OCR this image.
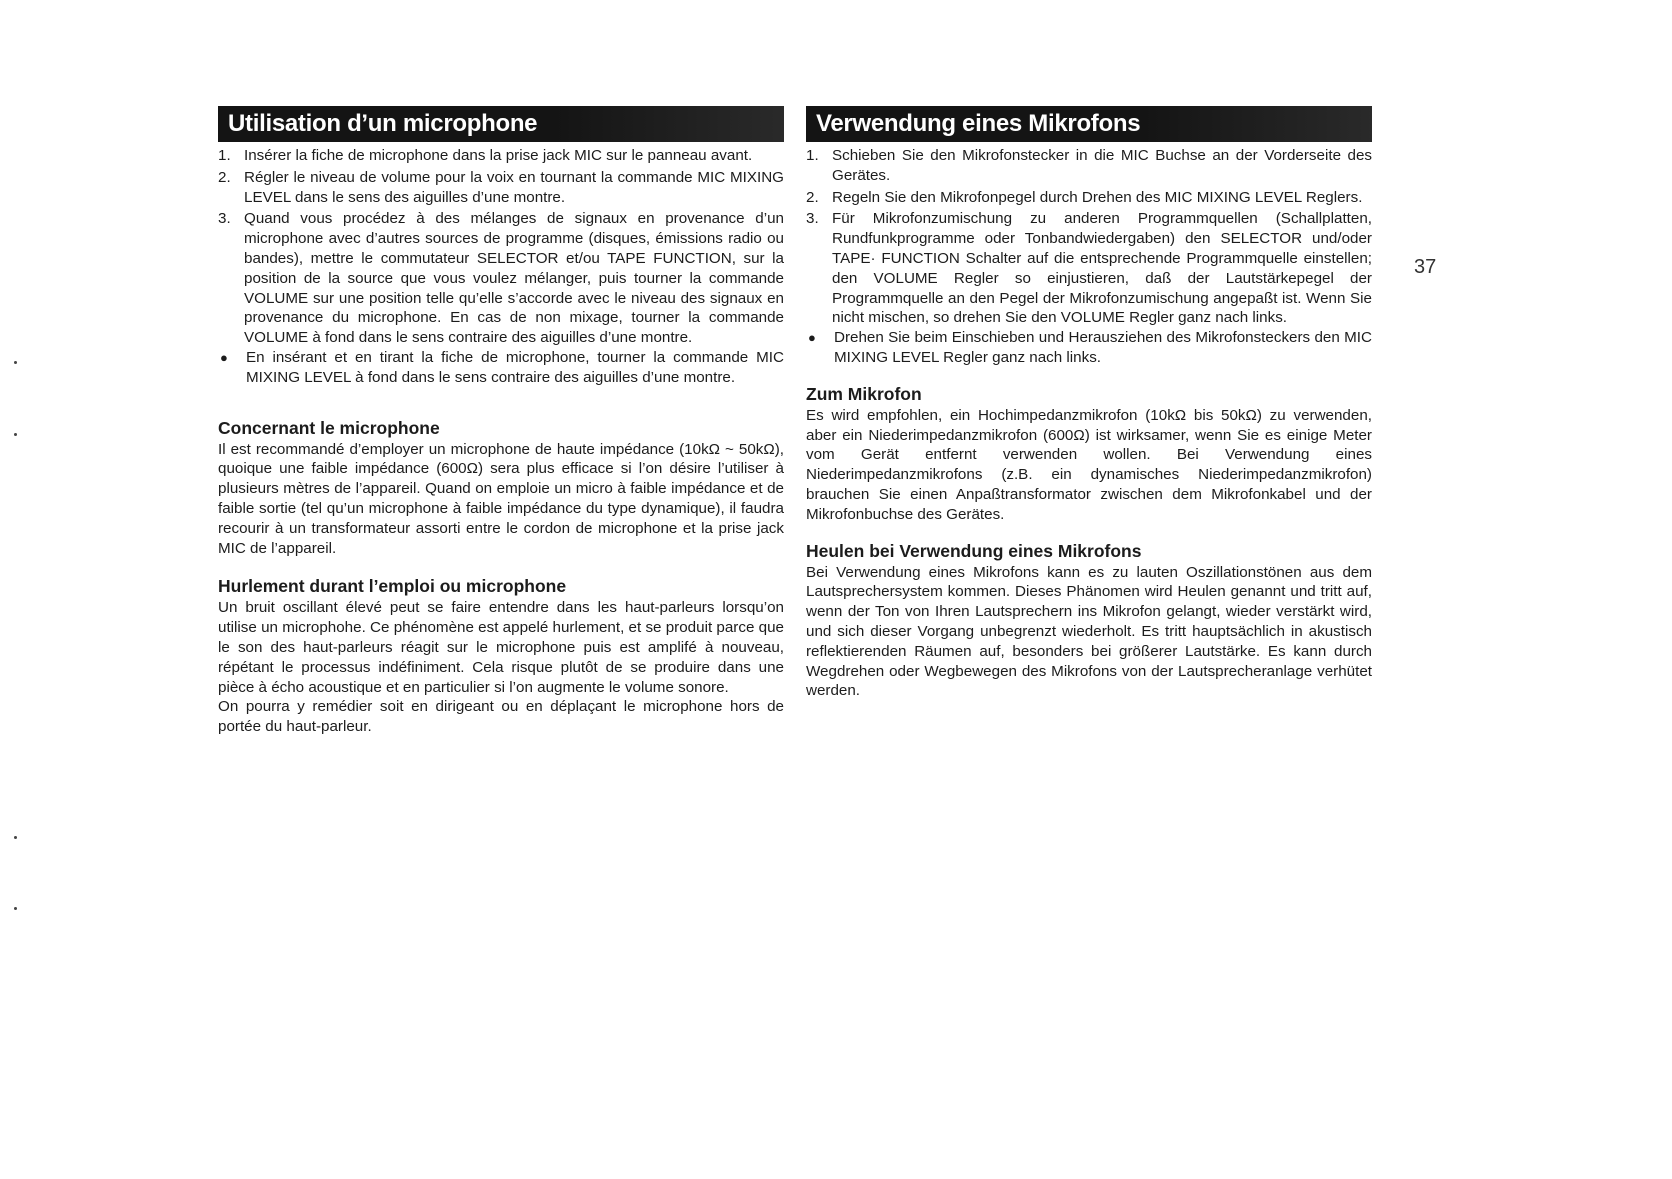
Utilisation d’un microphone
1. Insérer la fiche de microphone dans la prise jack MIC sur le panneau avant.
2. Régler le niveau de volume pour la voix en tournant la commande MIC MIXING LEVEL dans le sens des aiguilles d’une montre.
3. Quand vous procédez à des mélanges de signaux en provenance d’un microphone avec d’autres sources de programme (disques, émissions radio ou bandes), mettre le commutateur SELECTOR et/ou TAPE FUNCTION, sur la position de la source que vous voulez mélanger, puis tourner la commande VOLUME sur une position telle qu’elle s’accorde avec le niveau des signaux en provenance du microphone. En cas de non mixage, tourner la commande VOLUME à fond dans le sens contraire des aiguilles d’une montre.
●	En insérant et en tirant la fiche de microphone, tourner la commande MIC MIXING LEVEL à fond dans le sens contraire des aiguilles d’une montre.
Concernant le microphone

Il est recommandé d’employer un microphone de haute impédance (10kΩ ~ 50kΩ), quoique une faible impédance (600Ω) sera plus efficace si l’on désire l’utiliser à plusieurs mètres de l’appareil. Quand on emploie un micro à faible impédance et de faible sortie (tel qu’un microphone à faible impédance du type dynamique), il faudra recourir à un transformateur assorti entre le cordon de microphone et la prise jack MIC de l’appareil.

Hurlement durant l’emploi ou microphone

Un bruit oscillant élevé peut se faire entendre dans les haut-parleurs lorsqu’on utilise un microphohe. Ce phénomène est appelé hurlement, et se produit parce que le son des haut-parleurs réagit sur le microphone puis est amplifé à nouveau, répétant le processus indéfiniment. Cela risque plutôt de se produire dans une pièce à écho acoustique et en particulier si l’on augmente le volume sonore.

On pourra y remédier soit en dirigeant ou en déplaçant le microphone hors de portée du haut-parleur.

Verwendung eines Mikrofons
1. Schieben Sie den Mikrofonstecker in die MIC Buchse an der Vorderseite des Gerätes.
2. Regeln Sie den Mikrofonpegel durch Drehen des MIC MIXING LEVEL Reglers.
3. Für Mikrofonzumischung zu anderen Programmquellen (Schallplatten, Rundfunkprogramme oder Tonbandwiedergaben) den SELECTOR und/oder TAPE· FUNCTION Schalter auf die entsprechende Programmquelle einstellen; den VOLUME Regler so einjustieren, daß der Lautstärkepegel der Programmquelle an den Pegel der Mikrofonzumischung angepaßt ist. Wenn Sie nicht mischen, so drehen Sie den VOLUME Regler ganz nach links.
●	Drehen Sie beim Einschieben und Herausziehen des Mikrofonsteckers den MIC MIXING LEVEL Regler ganz nach links.
Zum Mikrofon

Es wird empfohlen, ein Hochimpedanzmikrofon (10kΩ bis 50kΩ) zu verwenden, aber ein Niederimpedanzmikrofon (600Ω) ist wirksamer, wenn Sie es einige Meter vom Gerät entfernt verwenden wollen. Bei Verwendung eines Niederimpedanzmikrofons (z.B. ein dynamisches Niederimpedanzmikrofon) brauchen Sie einen Anpaßtransformator zwischen dem Mikrofonkabel und der Mikrofonbuchse des Gerätes.

Heulen bei Verwendung eines Mikrofons

Bei Verwendung eines Mikrofons kann es zu lauten Oszillationstönen aus dem Lautsprechersystem kommen. Dieses Phänomen wird Heulen genannt und tritt auf, wenn der Ton von Ihren Lautsprechern ins Mikrofon gelangt, wieder verstärkt wird, und sich dieser Vorgang unbegrenzt wiederholt. Es tritt hauptsächlich in akustisch reflektierenden Räumen auf, besonders bei größerer Lautstärke. Es kann durch Wegdrehen oder Wegbewegen des Mikrofons von der Lautsprecheranlage verhütet werden.

37
